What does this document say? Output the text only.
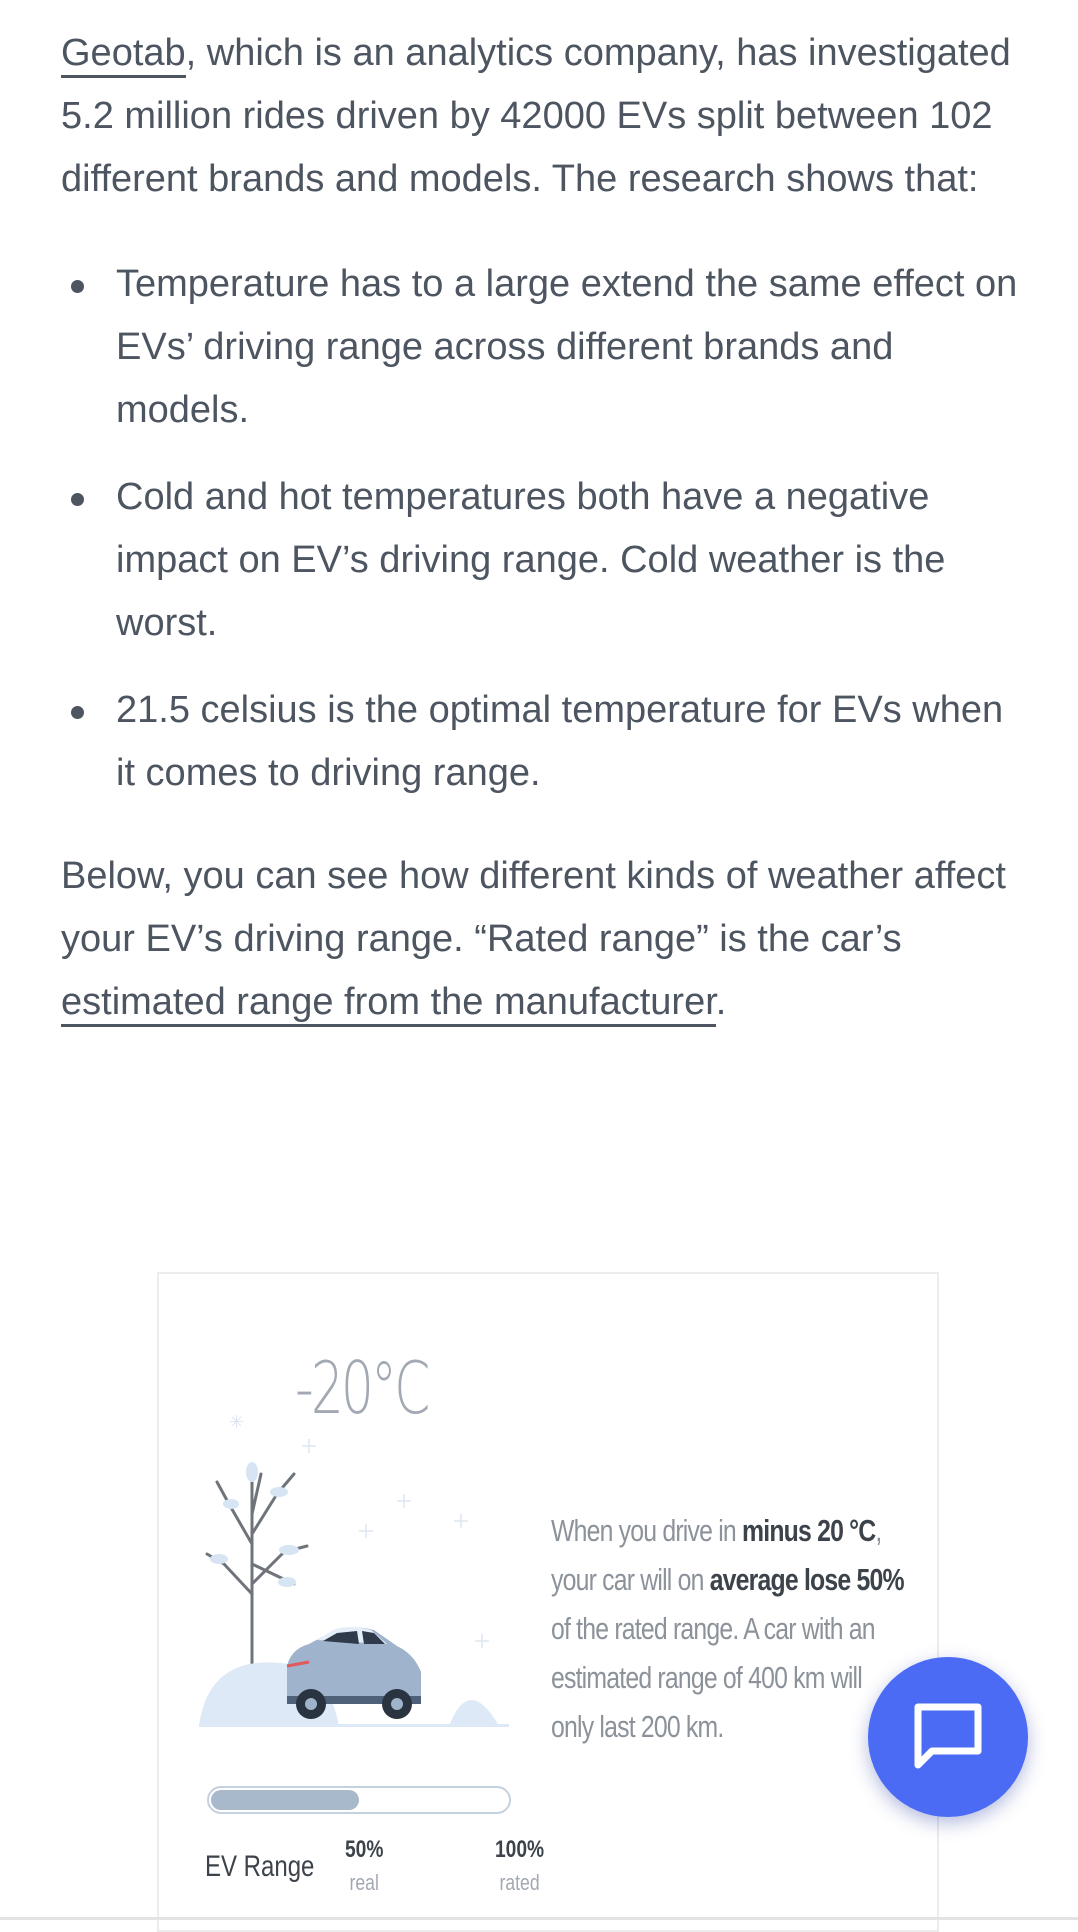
Geotab, which is an analytics company, has investigated 5.2 million rides driven by 42000 EVs split between 102 different brands and models. The research shows that:

Temperature has to a large extend the same effect on EVs’ driving range across different brands and models.
Cold and hot temperatures both have a negative impact on EV’s driving range. Cold weather is the worst.
21.5 celsius is the optimal temperature for EVs when it comes to driving range.

Below, you can see how different kinds of weather affect your EV’s driving range. “Rated range” is the car’s estimated range from the manufacturer.

-20°C
✳
When you drive in minus 20 °C,
your car will on average lose 50%
of the rated range. A car with an
estimated range of 400 km will
only last 200 km.
EV Range
50%
real
100%
rated
